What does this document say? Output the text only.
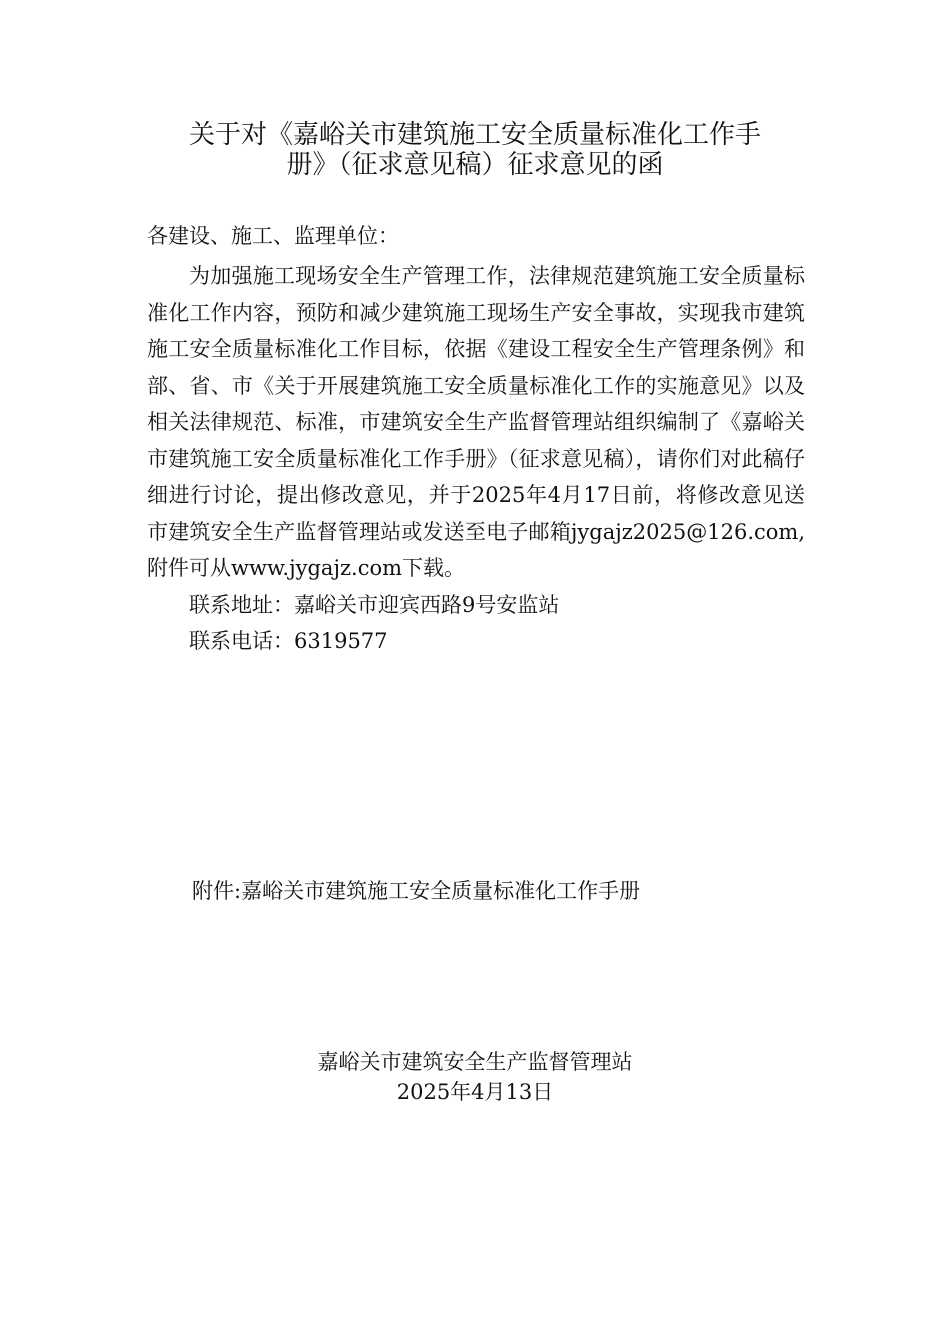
关于对《嘉峪关市建筑施工安全质量标准化工作手
册》（征求意见稿）征求意见的函
各建设、施工、监理单位：

为加强施工现场安全生产管理工作，法律规范建筑施工安全质量标准化工作内容，预防和减少建筑施工现场生产安全事故，实现我市建筑施工安全质量标准化工作目标，依据《建设工程安全生产管理条例》和部、省、市《关于开展建筑施工安全质量标准化工作的实施意见》以及相关法律规范、标准，市建筑安全生产监督管理站组织编制了《嘉峪关市建筑施工安全质量标准化工作手册》（征求意见稿），请你们对此稿仔细进行讨论，提出修改意见，并于2025年4月17日前，将修改意见送市建筑安全生产监督管理站或发送至电子邮箱jygajz2025@126.com,附件可从www.jygajz.com下载。

联系地址：嘉峪关市迎宾西路9号安监站

联系电话：6319577

附件:嘉峪关市建筑施工安全质量标准化工作手册
嘉峪关市建筑安全生产监督管理站
2025年4月13日
